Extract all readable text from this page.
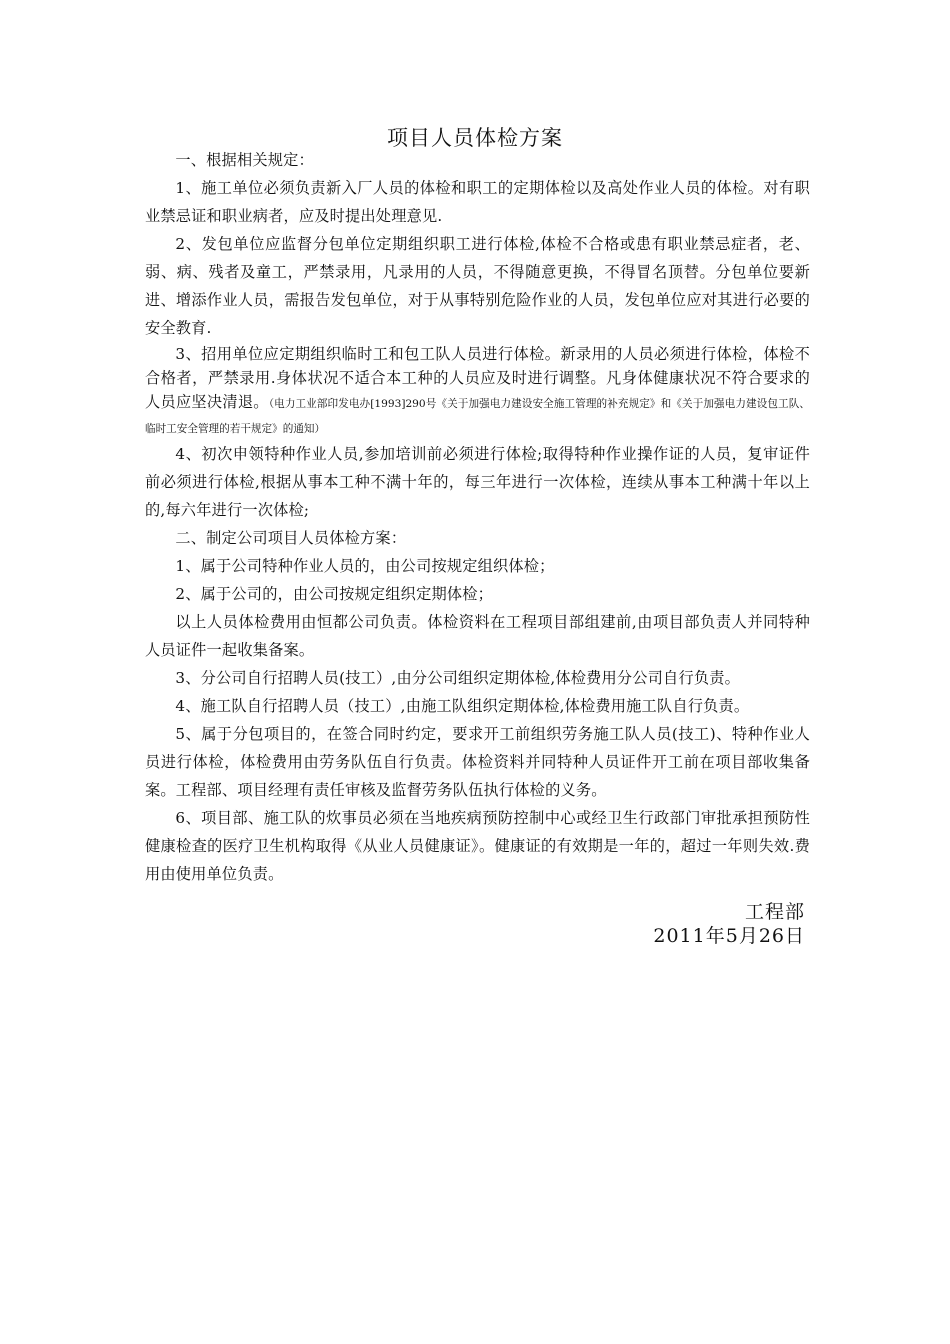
项目人员体检方案

一、根据相关规定：

1、施工单位必须负责新入厂人员的体检和职工的定期体检以及高处作业人员的体检。对有职业禁忌证和职业病者，应及时提出处理意见.

2、发包单位应监督分包单位定期组织职工进行体检,体检不合格或患有职业禁忌症者，老、弱、病、残者及童工，严禁录用，凡录用的人员，不得随意更换，不得冒名顶替。分包单位要新进、增添作业人员，需报告发包单位，对于从事特别危险作业的人员，发包单位应对其进行必要的安全教育.

3、招用单位应定期组织临时工和包工队人员进行体检。新录用的人员必须进行体检，体检不合格者，严禁录用.身体状况不适合本工种的人员应及时进行调整。凡身体健康状况不符合要求的人员应坚决清退。（电力工业部印发电办[1993]290号《关于加强电力建设安全施工管理的补充规定》和《关于加强电力建设包工队、临时工安全管理的若干规定》的通知）

4、初次申领特种作业人员,参加培训前必须进行体检;取得特种作业操作证的人员，复审证件前必须进行体检,根据从事本工种不满十年的，每三年进行一次体检，连续从事本工种满十年以上的,每六年进行一次体检;

二、制定公司项目人员体检方案：

1、属于公司特种作业人员的，由公司按规定组织体检；

2、属于公司的，由公司按规定组织定期体检；

以上人员体检费用由恒都公司负责。体检资料在工程项目部组建前,由项目部负责人并同特种人员证件一起收集备案。

3、分公司自行招聘人员(技工）,由分公司组织定期体检,体检费用分公司自行负责。

4、施工队自行招聘人员（技工）,由施工队组织定期体检,体检费用施工队自行负责。

5、属于分包项目的，在签合同时约定，要求开工前组织劳务施工队人员(技工)、特种作业人员进行体检，体检费用由劳务队伍自行负责。体检资料并同特种人员证件开工前在项目部收集备案。工程部、项目经理有责任审核及监督劳务队伍执行体检的义务。

6、项目部、施工队的炊事员必须在当地疾病预防控制中心或经卫生行政部门审批承担预防性健康检查的医疗卫生机构取得《从业人员健康证》。健康证的有效期是一年的，超过一年则失效.费用由使用单位负责。

工程部
2011年5月26日
